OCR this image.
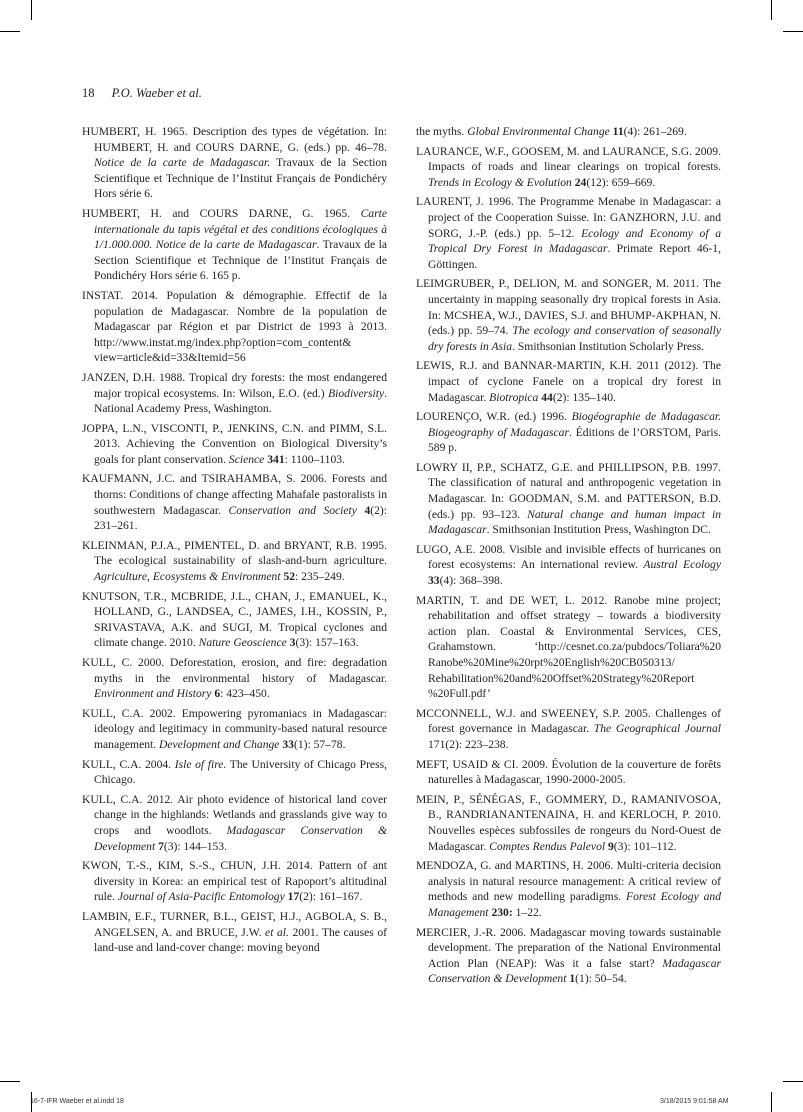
18 P.O. Waeber et al.

HUMBERT, H. 1965. Description des types de végétation. In: HUMBERT, H. and COURS DARNE, G. (eds.) pp. 46–78. Notice de la carte de Madagascar. Travaux de la Section Scientifique et Technique de l’Institut Français de Pondichéry Hors série 6.

HUMBERT, H. and COURS DARNE, G. 1965. Carte internationale du tapis végétal et des conditions écologiques à 1/1.000.000. Notice de la carte de Madagascar. Travaux de la Section Scientifique et Technique de l’Institut Français de Pondichéry Hors série 6. 165 p.

INSTAT. 2014. Population & démographie. Effectif de la population de Madagascar. Nombre de la population de Madagascar par Région et par District de 1993 à 2013. http://www.instat.mg/index.php?option=com_content& view=article&id=33&Itemid=56

JANZEN, D.H. 1988. Tropical dry forests: the most endangered major tropical ecosystems. In: Wilson, E.O. (ed.) Biodiversity. National Academy Press, Washington.

JOPPA, L.N., VISCONTI, P., JENKINS, C.N. and PIMM, S.L. 2013. Achieving the Convention on Biological Diversity’s goals for plant conservation. Science 341: 1100–1103.

KAUFMANN, J.C. and TSIRAHAMBA, S. 2006. Forests and thorns: Conditions of change affecting Mahafale pastoralists in southwestern Madagascar. Conservation and Society 4(2): 231–261.

KLEINMAN, P.J.A., PIMENTEL, D. and BRYANT, R.B. 1995. The ecological sustainability of slash-and-burn agriculture. Agriculture, Ecosystems & Environment 52: 235–249.

KNUTSON, T.R., MCBRIDE, J.L., CHAN, J., EMANUEL, K., HOLLAND, G., LANDSEA, C., JAMES, I.H., KOSSIN, P., SRIVASTAVA, A.K. and SUGI, M. Tropical cyclones and climate change. 2010. Nature Geoscience 3(3): 157–163.

KULL, C. 2000. Deforestation, erosion, and fire: degradation myths in the environmental history of Madagascar. Environment and History 6: 423–450.

KULL, C.A. 2002. Empowering pyromaniacs in Madagascar: ideology and legitimacy in community-based natural resource management. Development and Change 33(1): 57–78.

KULL, C.A. 2004. Isle of fire. The University of Chicago Press, Chicago.

KULL, C.A. 2012. Air photo evidence of historical land cover change in the highlands: Wetlands and grasslands give way to crops and woodlots. Madagascar Conservation & Development 7(3): 144–153.

KWON, T.-S., KIM, S.-S., CHUN, J.H. 2014. Pattern of ant diversity in Korea: an empirical test of Rapoport’s altitudinal rule. Journal of Asia-Pacific Entomology 17(2): 161–167.

LAMBIN, E.F., TURNER, B.L., GEIST, H.J., AGBOLA, S. B., ANGELSEN, A. and BRUCE, J.W. et al. 2001. The causes of land-use and land-cover change: moving beyond

the myths. Global Environmental Change 11(4): 261–269.

LAURANCE, W.F., GOOSEM, M. and LAURANCE, S.G. 2009. Impacts of roads and linear clearings on tropical forests. Trends in Ecology & Evolution 24(12): 659–669.

LAURENT, J. 1996. The Programme Menabe in Madagascar: a project of the Cooperation Suisse. In: GANZHORN, J.U. and SORG, J.-P. (eds.) pp. 5–12. Ecology and Economy of a Tropical Dry Forest in Madagascar. Primate Report 46-1, Göttingen.

LEIMGRUBER, P., DELION, M. and SONGER, M. 2011. The uncertainty in mapping seasonally dry tropical forests in Asia. In: MCSHEA, W.J., DAVIES, S.J. and BHUMP-AKPHAN, N. (eds.) pp. 59–74. The ecology and conservation of seasonally dry forests in Asia. Smithsonian Institution Scholarly Press.

LEWIS, R.J. and BANNAR-MARTIN, K.H. 2011 (2012). The impact of cyclone Fanele on a tropical dry forest in Madagascar. Biotropica 44(2): 135–140.

LOURENÇO, W.R. (ed.) 1996. Biogéographie de Madagascar. Biogeography of Madagascar. Éditions de l’ORSTOM, Paris. 589 p.

LOWRY II, P.P., SCHATZ, G.E. and PHILLIPSON, P.B. 1997. The classification of natural and anthropogenic vegetation in Madagascar. In: GOODMAN, S.M. and PATTERSON, B.D. (eds.) pp. 93–123. Natural change and human impact in Madagascar. Smithsonian Institution Press, Washington DC.

LUGO, A.E. 2008. Visible and invisible effects of hurricanes on forest ecosystems: An international review. Austral Ecology 33(4): 368–398.

MARTIN, T. and DE WET, L. 2012. Ranobe mine project; rehabilitation and offset strategy – towards a biodiversity action plan. Coastal & Environmental Services, CES, Grahamstown. ‘http://cesnet.co.za/pubdocs/Toliara%20 Ranobe%20Mine%20rpt%20English%20CB050313/ Rehabilitation%20and%20Offset%20Strategy%20Report %20Full.pdf’

MCCONNELL, W.J. and SWEENEY, S.P. 2005. Challenges of forest governance in Madagascar. The Geographical Journal 171(2): 223–238.

MEFT, USAID & CI. 2009. Évolution de la couverture de forêts naturelles à Madagascar, 1990-2000-2005.

MEIN, P., SÉNÉGAS, F., GOMMERY, D., RAMANIVOSOA, B., RANDRIANANTENAINA, H. and KERLOCH, P. 2010. Nouvelles espèces subfossiles de rongeurs du Nord-Ouest de Madagascar. Comptes Rendus Palevol 9(3): 101–112.

MENDOZA, G. and MARTINS, H. 2006. Multi-criteria decision analysis in natural resource management: A critical review of methods and new modelling paradigms. Forest Ecology and Management 230: 1–22.

MERCIER, J.-R. 2006. Madagascar moving towards sustainable development. The preparation of the National Environmental Action Plan (NEAP): Was it a false start? Madagascar Conservation & Development 1(1): 50–54.

16-7-IFR Waeber et al.indd 18	3/18/2015 9:01:58 AM
